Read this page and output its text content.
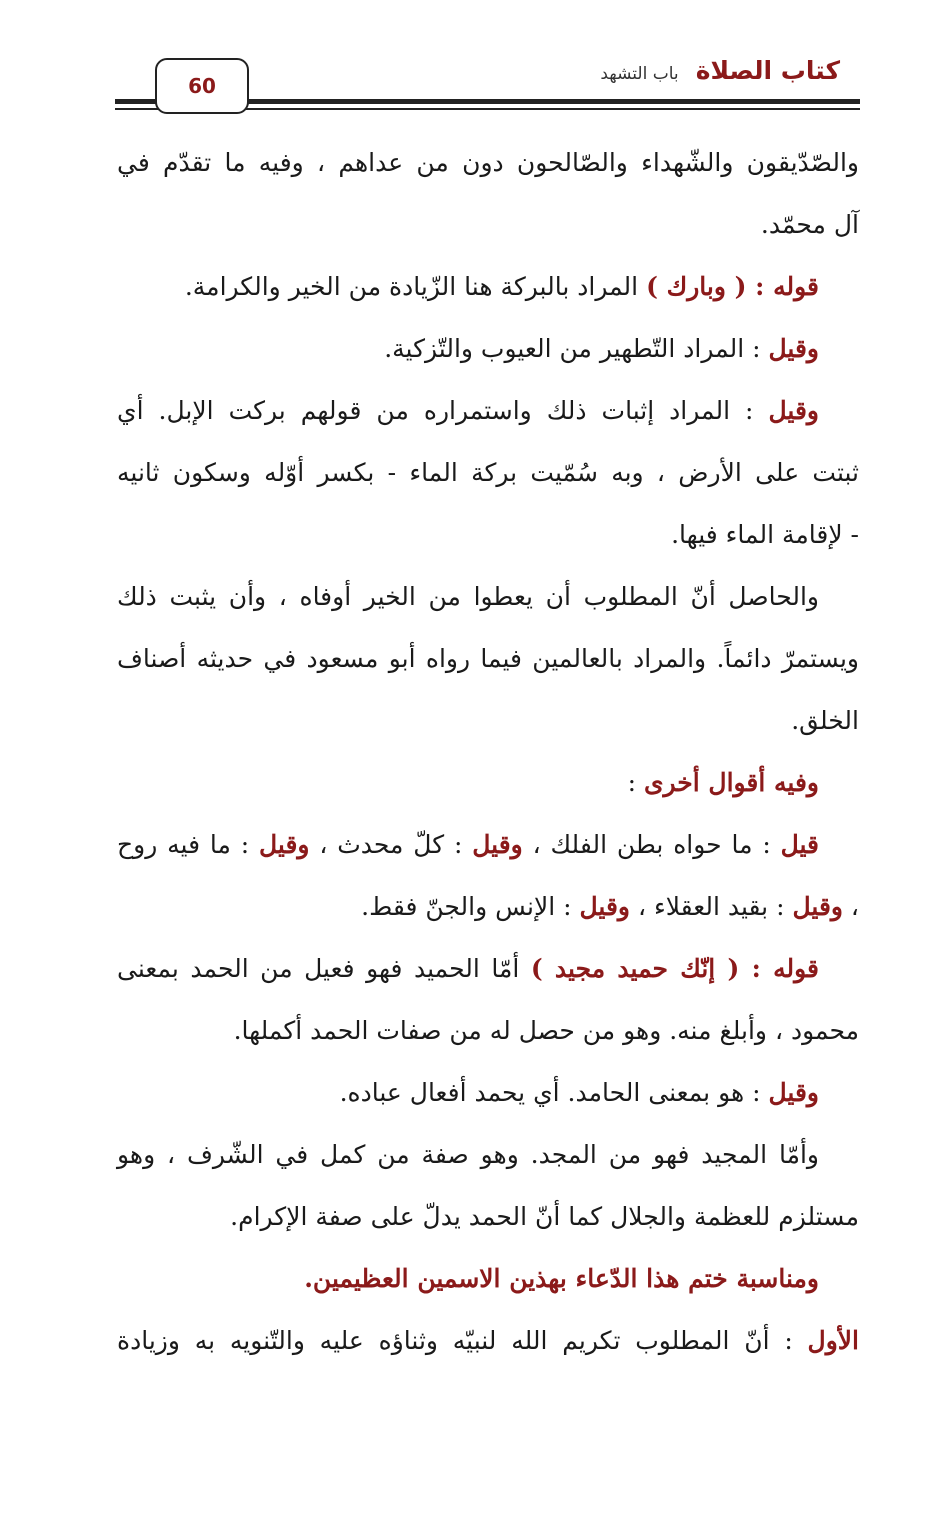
60
كتاب الصلاة باب التشهد
والصّدّيقون والشّهداء والصّالحون دون من عداهم ، وفيه ما تقدّم في
آل محمّد.
قوله : ( وبارك ) المراد بالبركة هنا الزّيادة من الخير والكرامة.
وقيل : المراد التّطهير من العيوب والتّزكية.
وقيل : المراد إثبات ذلك واستمراره من قولهم بركت الإبل. أي
ثبتت على الأرض ، وبه سُمّيت بركة الماء - بكسر أوّله وسكون ثانيه
- لإقامة الماء فيها.
والحاصل أنّ المطلوب أن يعطوا من الخير أوفاه ، وأن يثبت ذلك
ويستمرّ دائماً. والمراد بالعالمين فيما رواه أبو مسعود في حديثه أصناف
الخلق.
وفيه أقوال أخرى :
قيل : ما حواه بطن الفلك ، وقيل : كلّ محدث ، وقيل : ما فيه روح
، وقيل : بقيد العقلاء ، وقيل : الإنس والجنّ فقط.
قوله : ( إنّك حميد مجيد ) أمّا الحميد فهو فعيل من الحمد بمعنى
محمود ، وأبلغ منه. وهو من حصل له من صفات الحمد أكملها.
وقيل : هو بمعنى الحامد. أي يحمد أفعال عباده.
وأمّا المجيد فهو من المجد. وهو صفة من كمل في الشّرف ، وهو
مستلزم للعظمة والجلال كما أنّ الحمد يدلّ على صفة الإكرام.
ومناسبة ختم هذا الدّعاء بهذين الاسمين العظيمين.
الأول : أنّ المطلوب تكريم الله لنبيّه وثناؤه عليه والتّنويه به وزيادة
